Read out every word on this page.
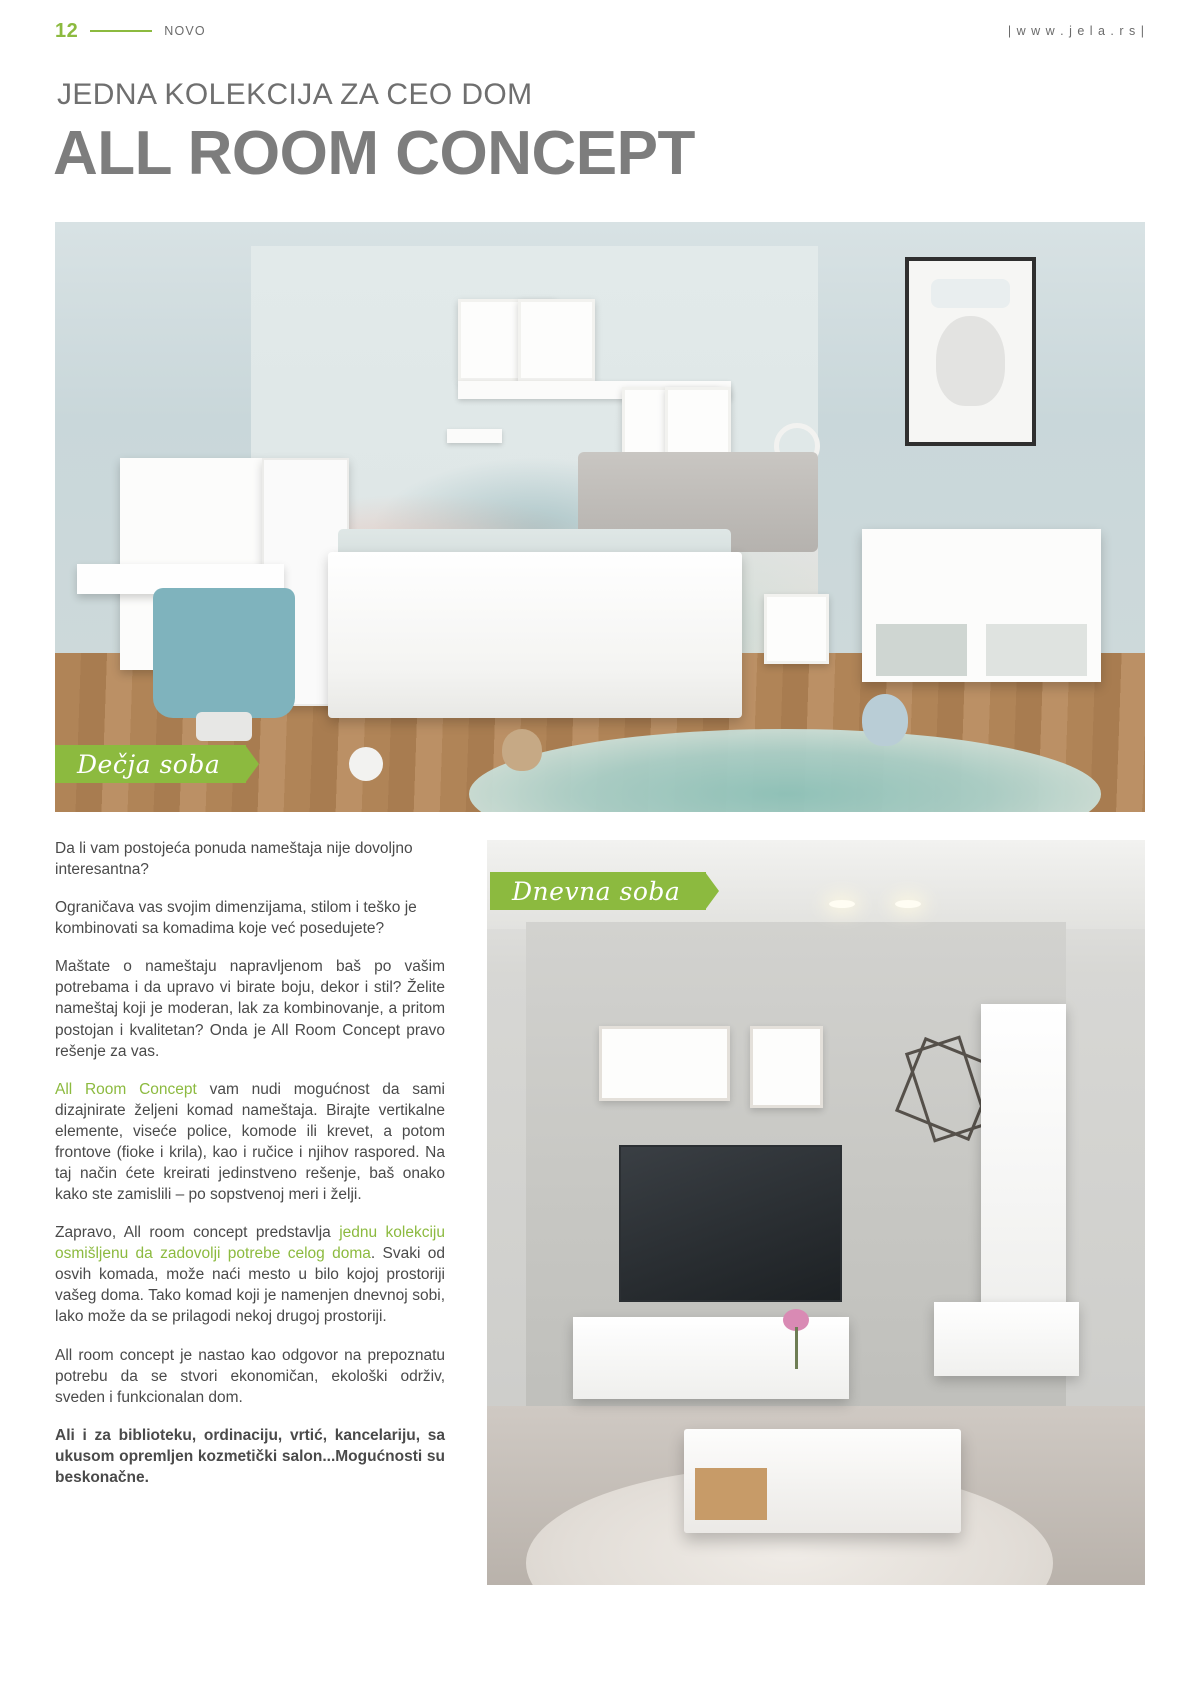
12	NOVO	| w w w . j e l a . r s |
JEDNA KOLEKCIJA ZA CEO DOM
ALL ROOM CONCEPT
Dečja soba

Da li vam postojeća ponuda nameštaja nije dovoljno interesantna?

Ograničava vas svojim dimenzijama, stilom i teško je kombinovati sa komadima koje već posedujete?

Maštate o nameštaju napravljenom baš po vašim potrebama i da upravo vi birate boju, dekor i stil? Želite nameštaj koji je moderan, lak za kombinovanje, a pritom postojan i kvalitetan? Onda je All Room Concept pravo rešenje za vas.

All Room Concept vam nudi mogućnost da sami dizajnirate željeni komad nameštaja. Birajte vertikalne elemente, viseće police, komode ili krevet, a potom frontove (fioke i krila), kao i ručice i njihov raspored. Na taj način ćete kreirati jedinstveno rešenje, baš onako kako ste zamislili – po sopstvenoj meri i želji.

Zapravo, All room concept predstavlja jednu kolekciju osmišljenu da zadovolji potrebe celog doma. Svaki od osvih komada, može naći mesto u bilo kojoj prostoriji vašeg doma. Tako komad koji je namenjen dnevnoj sobi, lako može da se prilagodi nekoj drugoj prostoriji.

All room concept je nastao kao odgovor na prepoznatu potrebu da se stvori ekonomičan, ekološki održiv, sveden i funkcionalan dom.

Ali i za biblioteku, ordinaciju, vrtić, kancelariju, sa ukusom opremljen kozmetički salon...Mogućnosti su beskonačne.

Dnevna soba
